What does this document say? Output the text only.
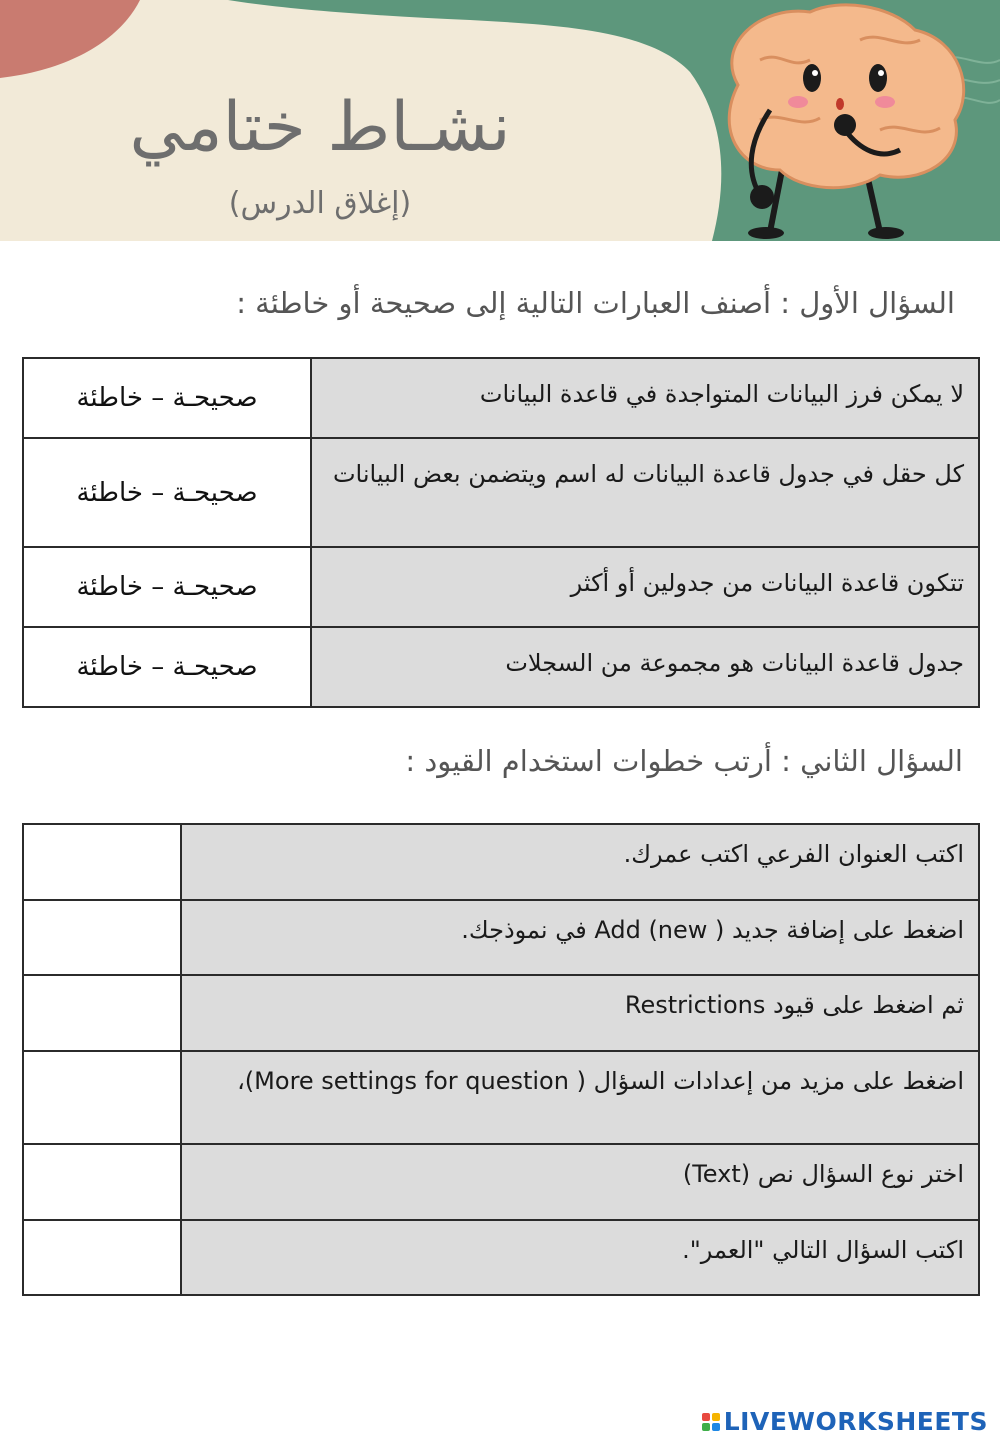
نشـاط ختامي
(إغلاق الدرس)
السؤال الأول : أصنف العبارات التالية إلى صحيحة أو خاطئة :
لا يمكن فرز البيانات المتواجدة في قاعدة البيانات	صحيحـة – خاطئة
كل حقل في جدول قاعدة البيانات له اسم ويتضمن بعض البيانات	صحيحـة – خاطئة
تتكون قاعدة البيانات من جدولين أو أكثر	صحيحـة – خاطئة
جدول قاعدة البيانات هو مجموعة من السجلات	صحيحـة – خاطئة
السؤال الثاني : أرتب خطوات استخدام القيود :
اكتب العنوان الفرعي اكتب عمرك.	
اضغط على إضافة جديد ( Add (new في نموذجك.	
ثم اضغط على قيود Restrictions	
اضغط على مزيد من إعدادات السؤال ( More settings for question)،	
اختر نوع السؤال نص (Text)	
اكتب السؤال التالي "العمر".	
LIVEWORKSHEETS
